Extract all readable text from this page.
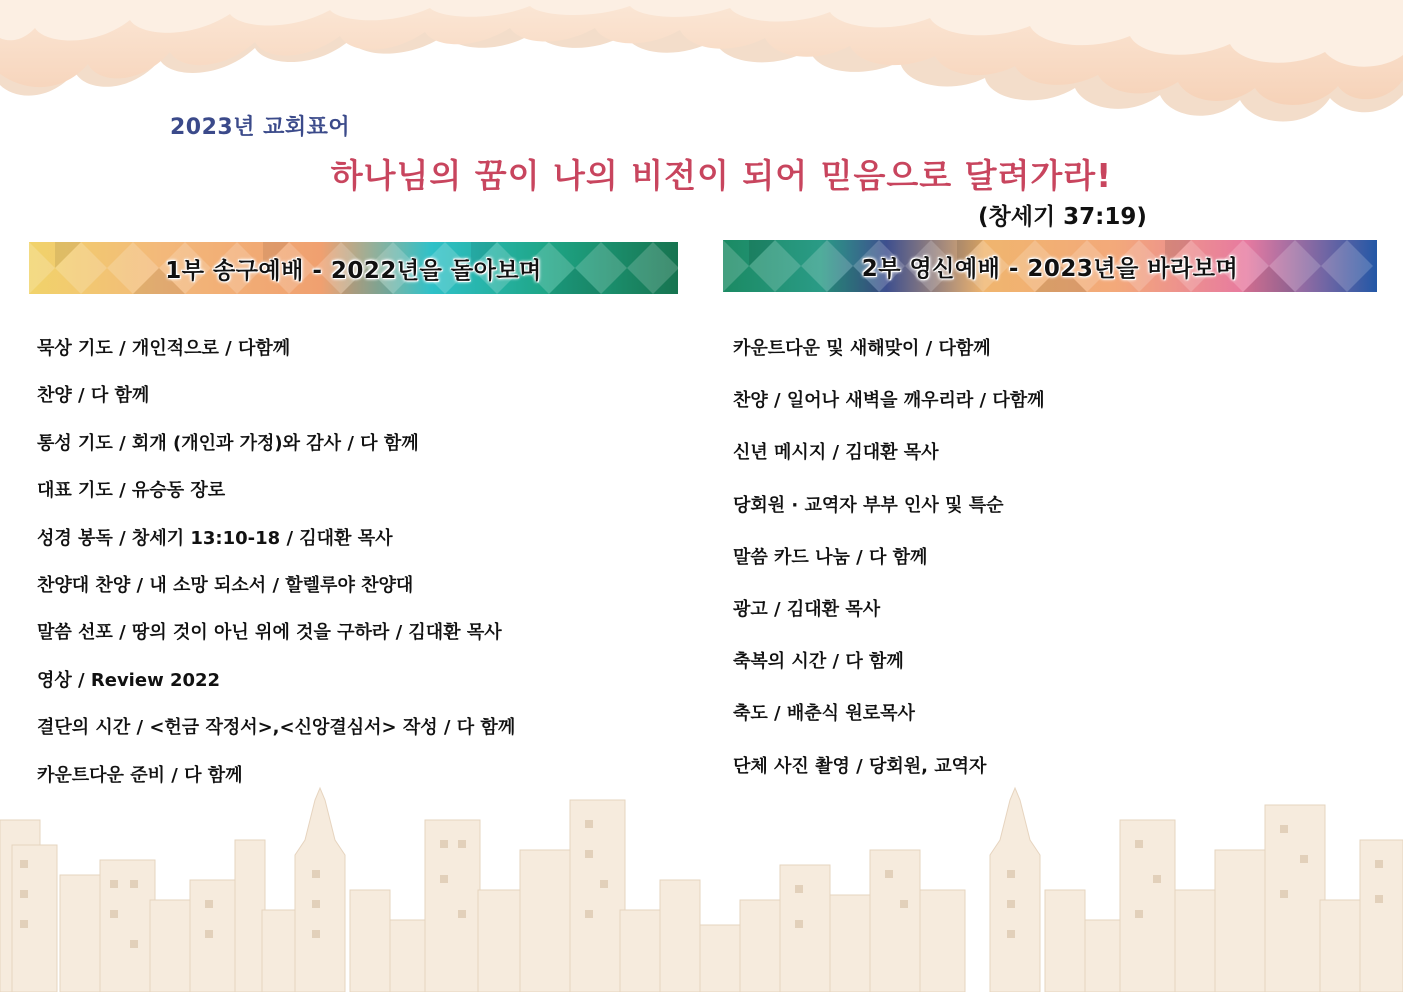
2023년 교회표어
하나님의 꿈이 나의 비전이 되어 믿음으로 달려가라!
(창세기 37:19)
1부 송구예배 - 2022년을 돌아보며	2부 영신예배 - 2023년을 바라보며
묵상 기도 / 개인적으로 / 다함께
찬양 / 다 함께
통성 기도 / 회개 (개인과 가정)와 감사 / 다 함께
대표 기도 / 유승동 장로
성경 봉독 / 창세기 13:10-18 / 김대환 목사
찬양대 찬양 / 내 소망 되소서 / 할렐루야 찬양대
말씀 선포 / 땅의 것이 아닌 위에 것을 구하라 / 김대환 목사
영상 / Review 2022
결단의 시간 / <헌금 작정서>,<신앙결심서> 작성 / 다 함께
카운트다운 준비 / 다 함께
카운트다운 및 새해맞이 / 다함께
찬양 / 일어나 새벽을 깨우리라 / 다함께
신년 메시지 / 김대환 목사
당회원 · 교역자 부부 인사 및 특순
말씀 카드 나눔 / 다 함께
광고 / 김대환 목사
축복의 시간 / 다 함께
축도 / 배춘식 원로목사
단체 사진 촬영 / 당회원, 교역자
